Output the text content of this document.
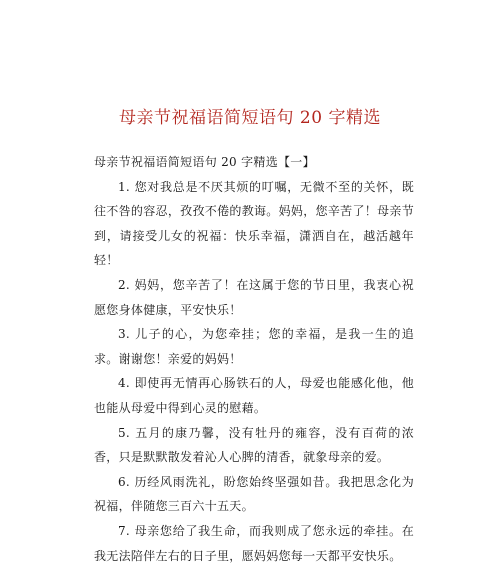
母亲节祝福语简短语句 20 字精选

母亲节祝福语简短语句 20 字精选【一】

1. 您对我总是不厌其烦的叮嘱，无微不至的关怀，既往不咎的容忍，孜孜不倦的教诲。妈妈，您辛苦了！母亲节到，请接受儿女的祝福：快乐幸福，潇洒自在，越活越年轻！

2. 妈妈，您辛苦了！在这属于您的节日里，我衷心祝愿您身体健康，平安快乐！

3. 儿子的心，为您牵挂；您的幸福，是我一生的追求。谢谢您！亲爱的妈妈！

4. 即使再无情再心肠铁石的人，母爱也能感化他，他也能从母爱中得到心灵的慰藉。

5. 五月的康乃馨，没有牡丹的雍容，没有百荷的浓香，只是默默散发着沁人心脾的清香，就象母亲的爱。

6. 历经风雨洗礼，盼您始终坚强如昔。我把思念化为祝福，伴随您三百六十五天。

7. 母亲您给了我生命，而我则成了您永远的牵挂。在我无法陪伴左右的日子里，愿妈妈您每一天都平安快乐。
